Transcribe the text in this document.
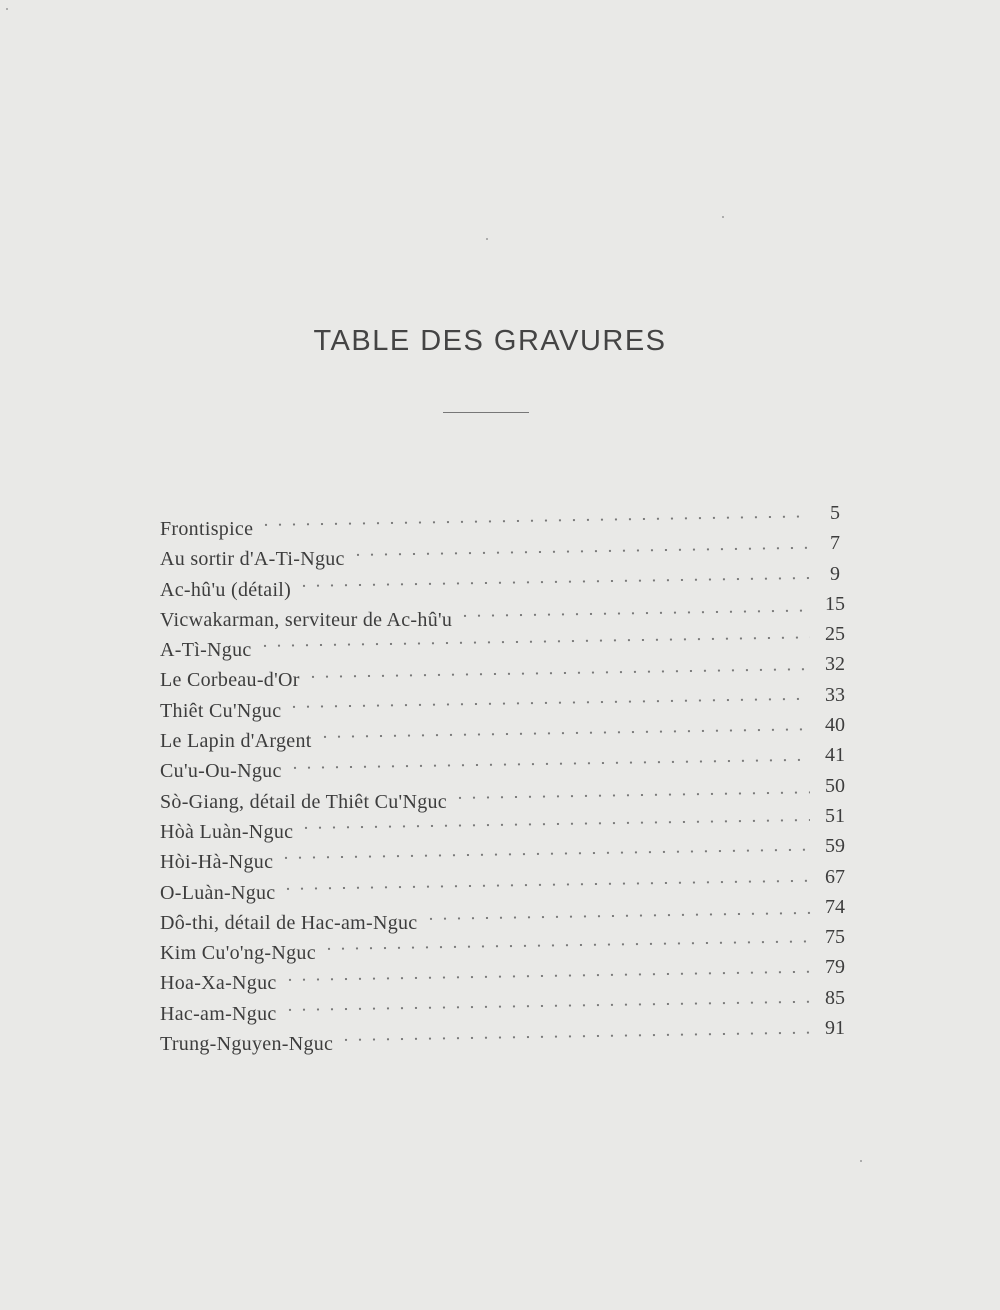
TABLE DES GRAVURES
Frontispice
5
Au sortir d'A-Ti-Nguc
7
Ac-hû'u (détail)
9
Vicwakarman, serviteur de Ac-hû'u
15
A-Tì-Nguc
25
Le Corbeau-d'Or
32
Thiêt Cu'Nguc
33
Le Lapin d'Argent
40
Cu'u-Ou-Nguc
41
Sò-Giang, détail de Thiêt Cu'Nguc
50
Hòà Luàn-Nguc
51
Hòi-Hà-Nguc
59
O-Luàn-Nguc
67
Dô-thi, détail de Hac-am-Nguc
74
Kim Cu'o'ng-Nguc
75
Hoa-Xa-Nguc
79
Hac-am-Nguc
85
Trung-Nguyen-Nguc
91
